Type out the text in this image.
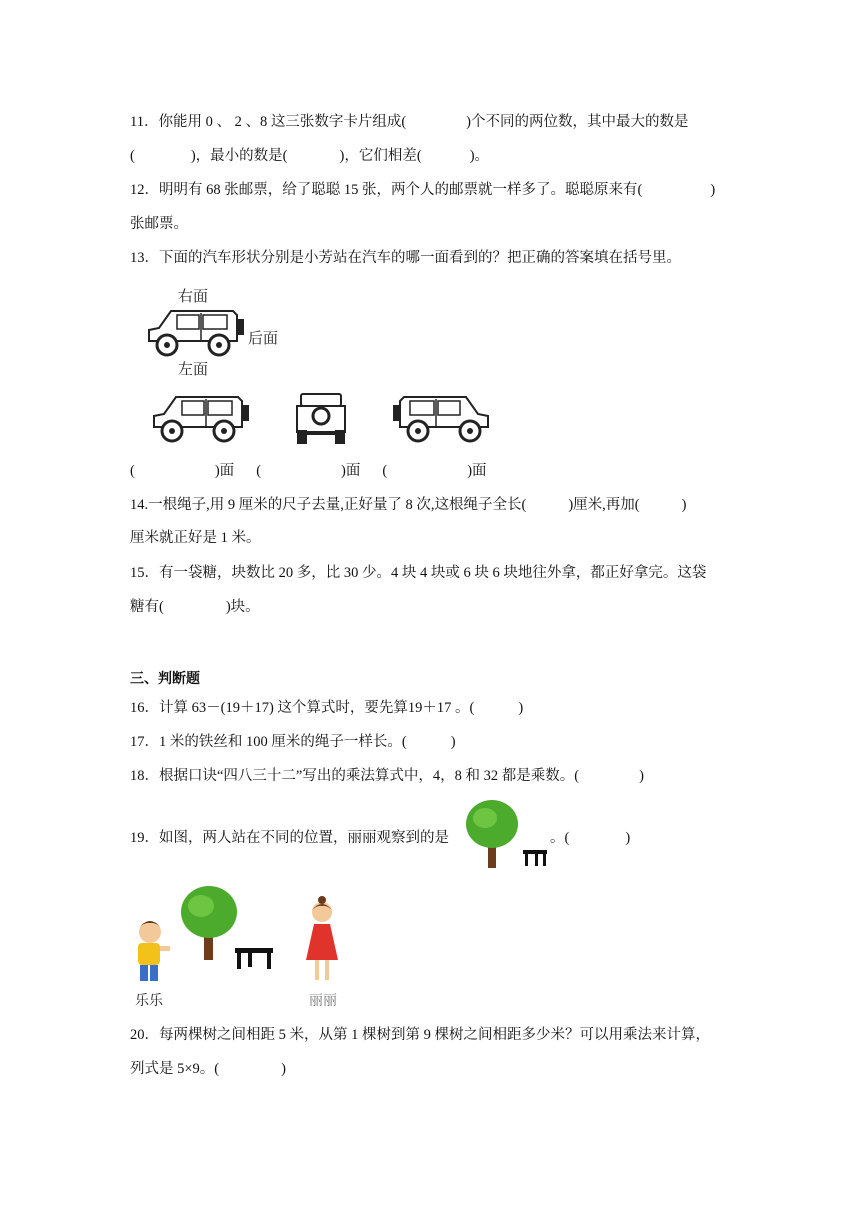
11．你能用 0 、 2 、8 这三张数字卡片组成(	)个不同的两位数，其中最大的数是
(	)，最小的数是(	)，它们相差(	)。
12．明明有 68 张邮票，给了聪聪 15 张，两个人的邮票就一样多了。聪聪原来有(	)
张邮票。
13．下面的汽车形状分别是小芳站在汽车的哪一面看到的？把正确的答案填在括号里。
右面
后面
左面
(	)面 (	)面 (	)面
14.一根绳子,用 9 厘米的尺子去量,正好量了 8 次,这根绳子全长(	)厘米,再加(	)
厘米就正好是 1 米。
15．有一袋糖，块数比 20 多，比 30 少。4 块 4 块或 6 块 6 块地往外拿，都正好拿完。这袋
糖有(	)块。
三、判断题
16．计算 63－(19＋17) 这个算式时，要先算19＋17 。(	)
17．1 米的铁丝和 100 厘米的绳子一样长。(	)
18．根据口诀“四八三十二”写出的乘法算式中，4，8 和 32 都是乘数。(	)
19．如图，两人站在不同的位置，丽丽观察到的是	。(	)
乐乐	丽丽
20．每两棵树之间相距 5 米，从第 1 棵树到第 9 棵树之间相距多少米？可以用乘法来计算，
列式是 5×9。(	)
